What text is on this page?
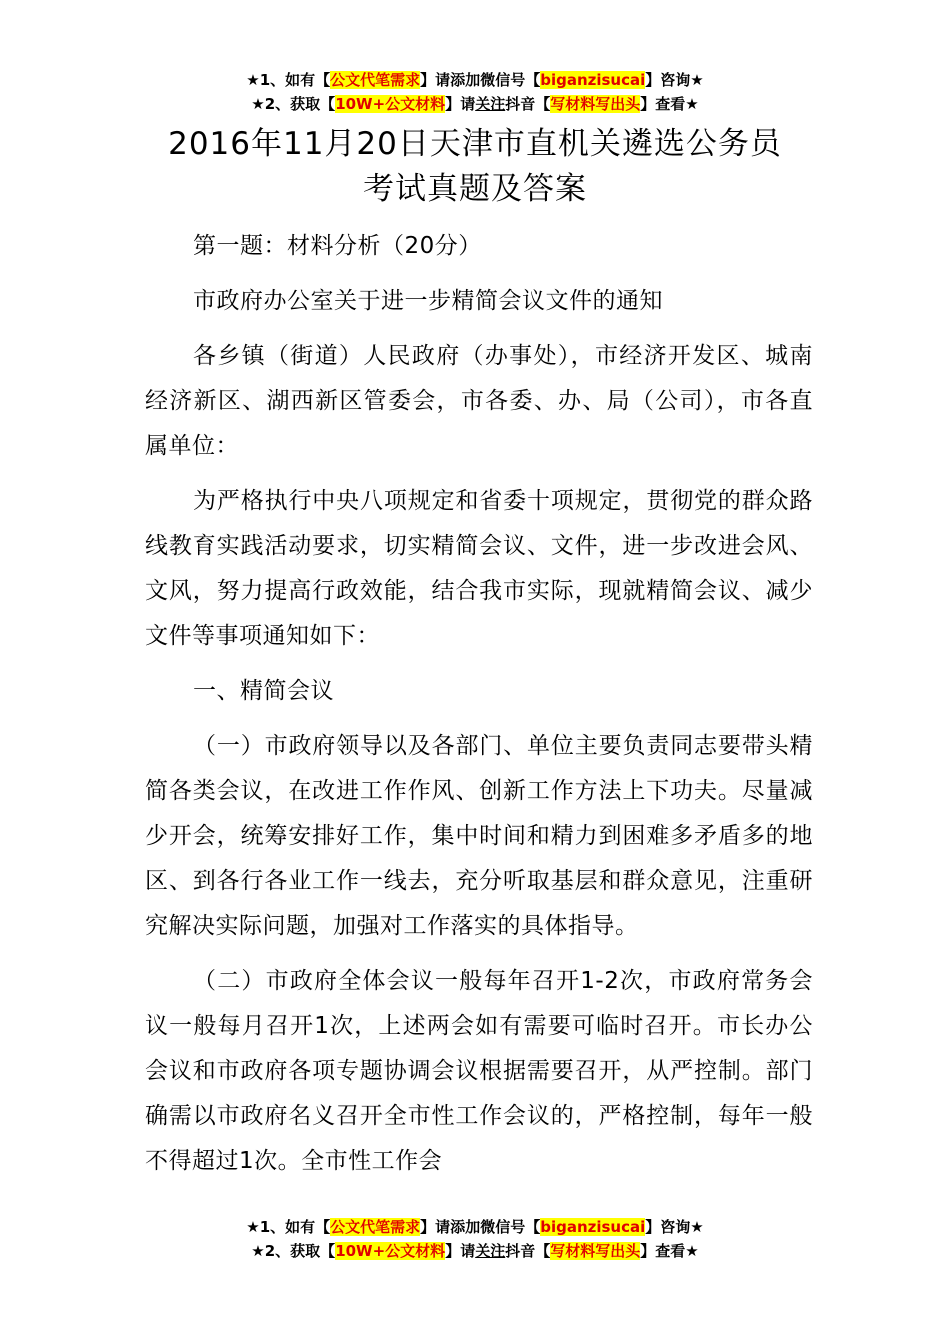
★1、如有【公文代笔需求】请添加微信号【biganzisucai】咨询★
★2、获取【10W+公文材料】请关注抖音【写材料写出头】查看★
2016年11月20日天津市直机关遴选公务员
考试真题及答案

第一题：材料分析（20分）

市政府办公室关于进一步精简会议文件的通知

各乡镇（街道）人民政府（办事处），市经济开发区、城南经济新区、湖西新区管委会，市各委、办、局（公司），市各直属单位：

为严格执行中央八项规定和省委十项规定，贯彻党的群众路线教育实践活动要求，切实精简会议、文件，进一步改进会风、文风，努力提高行政效能，结合我市实际，现就精简会议、减少文件等事项通知如下：

一、精简会议

（一）市政府领导以及各部门、单位主要负责同志要带头精简各类会议，在改进工作作风、创新工作方法上下功夫。尽量减少开会，统筹安排好工作，集中时间和精力到困难多矛盾多的地区、到各行各业工作一线去，充分听取基层和群众意见，注重研究解决实际问题，加强对工作落实的具体指导。

（二）市政府全体会议一般每年召开1-2次，市政府常务会议一般每月召开1次，上述两会如有需要可临时召开。市长办公会议和市政府各项专题协调会议根据需要召开，从严控制。部门确需以市政府名义召开全市性工作会议的，严格控制，每年一般不得超过1次。全市性工作会

★1、如有【公文代笔需求】请添加微信号【biganzisucai】咨询★
★2、获取【10W+公文材料】请关注抖音【写材料写出头】查看★
